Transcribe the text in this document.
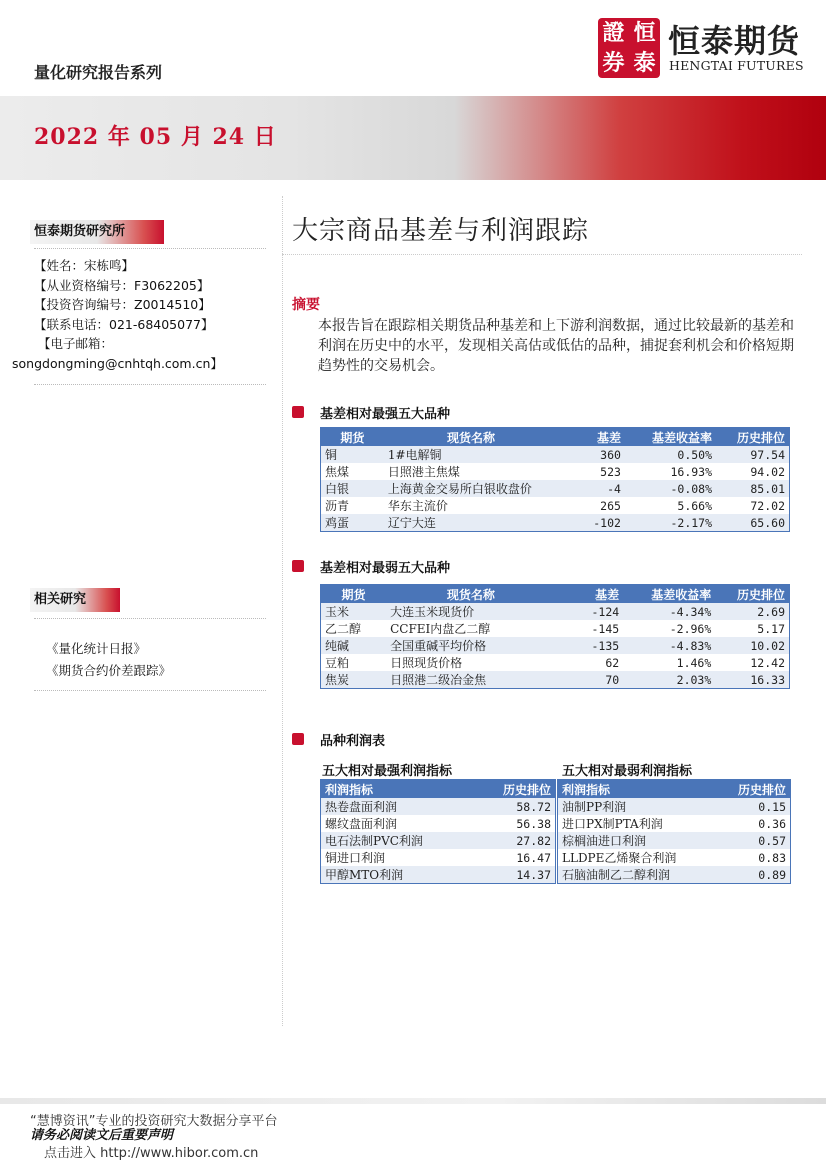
量化研究报告系列
證 恒
券 泰
恒泰期货
HENGTAI FUTURES
2022 年 05 月 24 日
恒泰期货研究所
【姓名：宋栋鸣】
【从业资格编号：F3062205】
【投资咨询编号：Z0014510】
【联系电话：021-68405077】
【电子邮箱：
songdongming@cnhtqh.com.cn】
相关研究
《量化统计日报》
《期货合约价差跟踪》
大宗商品基差与利润跟踪
摘要
本报告旨在跟踪相关期货品种基差和上下游利润数据，通过比较最新的基差和利润在历史中的水平，发现相关高估或低估的品种，捕捉套利机会和价格短期趋势性的交易机会。
基差相对最强五大品种
期货	现货名称	基差	基差收益率	历史排位
铜	1#电解铜	360	0.50%	97.54
焦煤	日照港主焦煤	523	16.93%	94.02
白银	上海黄金交易所白银收盘价	-4	-0.08%	85.01
沥青	华东主流价	265	5.66%	72.02
鸡蛋	辽宁大连	-102	-2.17%	65.60
基差相对最弱五大品种
期货	现货名称	基差	基差收益率	历史排位
玉米	大连玉米现货价	-124	-4.34%	2.69
乙二醇	CCFEI内盘乙二醇	-145	-2.96%	5.17
纯碱	全国重碱平均价格	-135	-4.83%	10.02
豆粕	日照现货价格	62	1.46%	12.42
焦炭	日照港二级冶金焦	70	2.03%	16.33
品种利润表
五大相对最强利润指标	五大相对最弱利润指标
利润指标	历史排位
热卷盘面利润	58.72
螺纹盘面利润	56.38
电石法制PVC利润	27.82
铜进口利润	16.47
甲醇MTO利润	14.37
利润指标	历史排位
油制PP利润	0.15
进口PX制PTA利润	0.36
棕榈油进口利润	0.57
LLDPE乙烯聚合利润	0.83
石脑油制乙二醇利润	0.89
“慧博资讯”专业的投资研究大数据分享平台
请务必阅读文后重要声明
点击进入 http://www.hibor.com.cn
